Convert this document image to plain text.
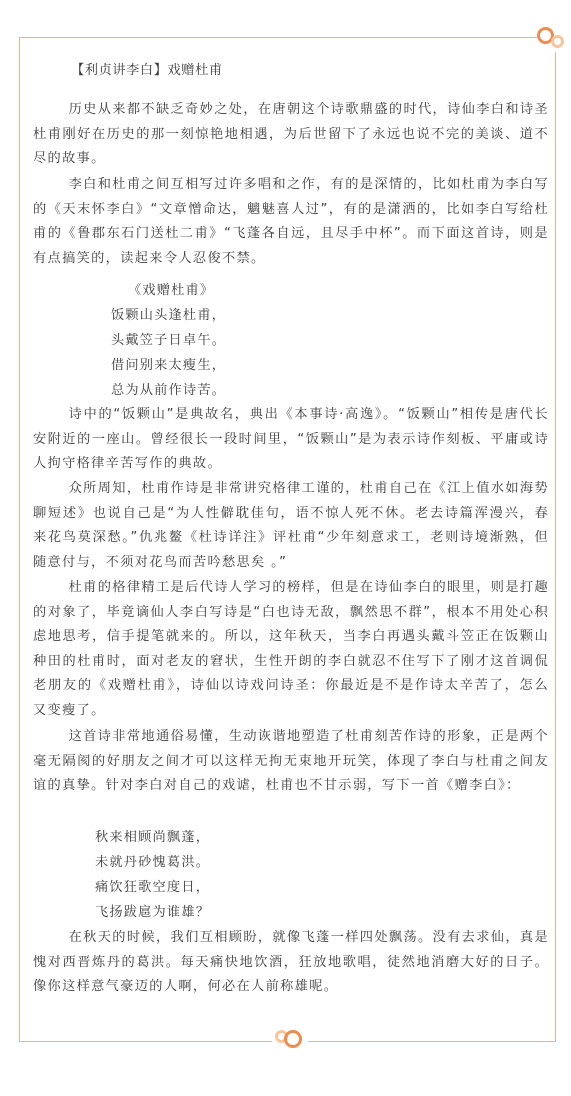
【利贞讲李白】戏赠杜甫

历史从来都不缺乏奇妙之处，在唐朝这个诗歌鼎盛的时代，诗仙李白和诗圣杜甫刚好在历史的那一刻惊艳地相遇，为后世留下了永远也说不完的美谈、道不尽的故事。

李白和杜甫之间互相写过许多唱和之作，有的是深情的，比如杜甫为李白写的《天末怀李白》“文章憎命达，魑魅喜人过”，有的是潇洒的，比如李白写给杜甫的《鲁郡东石门送杜二甫》“飞蓬各自远，且尽手中杯”。而下面这首诗，则是有点搞笑的，读起来令人忍俊不禁。

《戏赠杜甫》
饭颗山头逢杜甫，
头戴笠子日卓午。
借问别来太瘦生，
总为从前作诗苦。

诗中的“饭颗山”是典故名，典出《本事诗·高逸》。“饭颗山”相传是唐代长安附近的一座山。曾经很长一段时间里，“饭颗山”是为表示诗作刻板、平庸或诗人拘守格律辛苦写作的典故。

众所周知，杜甫作诗是非常讲究格律工谨的，杜甫自己在《江上值水如海势聊短述》也说自己是“为人性僻耽佳句，语不惊人死不休。老去诗篇浑漫兴，春来花鸟莫深愁。”仇兆鳌《杜诗详注》评杜甫“少年刻意求工，老则诗境渐熟，但随意付与，不须对花鸟而苦吟愁思矣 。”

杜甫的格律精工是后代诗人学习的榜样，但是在诗仙李白的眼里，则是打趣的对象了，毕竟谪仙人李白写诗是“白也诗无敌，飘然思不群”，根本不用处心积虑地思考，信手提笔就来的。所以，这年秋天，当李白再遇头戴斗笠正在饭颗山种田的杜甫时，面对老友的窘状，生性开朗的李白就忍不住写下了刚才这首调侃老朋友的《戏赠杜甫》，诗仙以诗戏问诗圣：你最近是不是作诗太辛苦了，怎么又变瘦了。

这首诗非常地通俗易懂，生动诙谐地塑造了杜甫刻苦作诗的形象，正是两个毫无隔阂的好朋友之间才可以这样无拘无束地开玩笑，体现了李白与杜甫之间友谊的真挚。针对李白对自己的戏谑，杜甫也不甘示弱，写下一首《赠李白》：

秋来相顾尚飘蓬，
未就丹砂愧葛洪。
痛饮狂歌空度日，
飞扬跋扈为谁雄？

在秋天的时候，我们互相顾盼，就像飞蓬一样四处飘荡。没有去求仙，真是愧对西晋炼丹的葛洪。每天痛快地饮酒，狂放地歌唱，徒然地消磨大好的日子。像你这样意气豪迈的人啊，何必在人前称雄呢。
